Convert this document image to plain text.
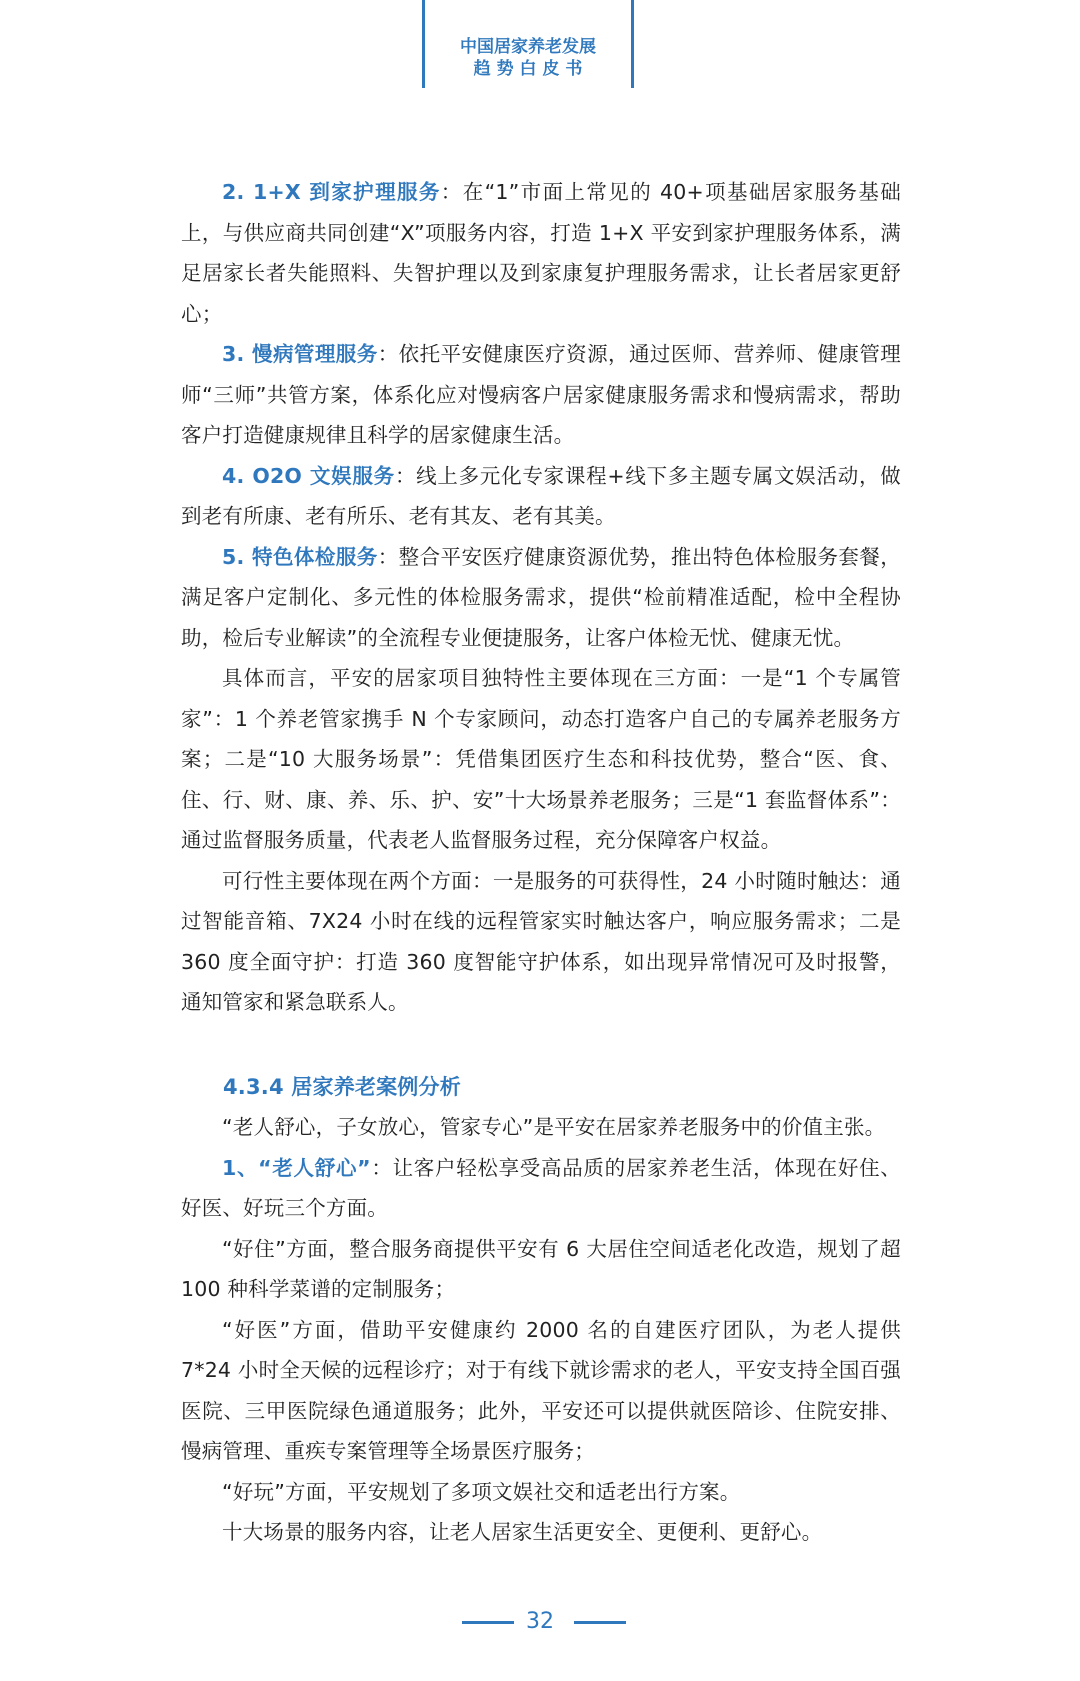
中国居家养老发展
趋 势 白 皮 书

2. 1+X 到家护理服务：在“1”市面上常见的 40+项基础居家服务基础上，与供应商共同创建“X”项服务内容，打造 1+X 平安到家护理服务体系，满足居家长者失能照料、失智护理以及到家康复护理服务需求，让长者居家更舒心；

3. 慢病管理服务：依托平安健康医疗资源，通过医师、营养师、健康管理师“三师”共管方案，体系化应对慢病客户居家健康服务需求和慢病需求，帮助客户打造健康规律且科学的居家健康生活。

4. O2O 文娱服务：线上多元化专家课程+线下多主题专属文娱活动，做到老有所康、老有所乐、老有其友、老有其美。

5. 特色体检服务：整合平安医疗健康资源优势，推出特色体检服务套餐，满足客户定制化、多元性的体检服务需求，提供“检前精准适配，检中全程协助，检后专业解读”的全流程专业便捷服务，让客户体检无忧、健康无忧。

具体而言，平安的居家项目独特性主要体现在三方面：一是“1 个专属管家”：1 个养老管家携手 N 个专家顾问，动态打造客户自己的专属养老服务方案；二是“10 大服务场景”：凭借集团医疗生态和科技优势，整合“医、食、住、行、财、康、养、乐、护、安”十大场景养老服务；三是“1 套监督体系”：通过监督服务质量，代表老人监督服务过程，充分保障客户权益。

可行性主要体现在两个方面：一是服务的可获得性，24 小时随时触达：通过智能音箱、7X24 小时在线的远程管家实时触达客户，响应服务需求；二是 360 度全面守护：打造 360 度智能守护体系，如出现异常情况可及时报警，通知管家和紧急联系人。

4.3.4 居家养老案例分析

“老人舒心，子女放心，管家专心”是平安在居家养老服务中的价值主张。

1、“老人舒心”：让客户轻松享受高品质的居家养老生活，体现在好住、好医、好玩三个方面。

“好住”方面，整合服务商提供平安有 6 大居住空间适老化改造，规划了超 100 种科学菜谱的定制服务；

“好医”方面，借助平安健康约 2000 名的自建医疗团队，为老人提供 7*24 小时全天候的远程诊疗；对于有线下就诊需求的老人，平安支持全国百强医院、三甲医院绿色通道服务；此外，平安还可以提供就医陪诊、住院安排、慢病管理、重疾专案管理等全场景医疗服务；

“好玩”方面，平安规划了多项文娱社交和适老出行方案。

十大场景的服务内容，让老人居家生活更安全、更便利、更舒心。

32
